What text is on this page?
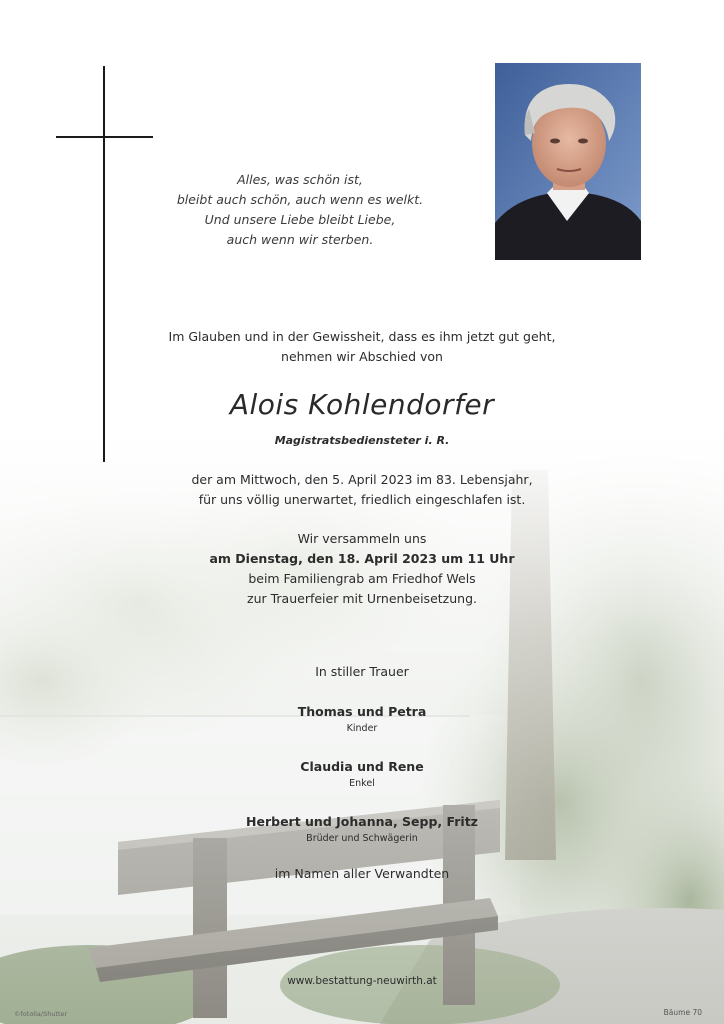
Alles, was schön ist,
bleibt auch schön, auch wenn es welkt.
Und unsere Liebe bleibt Liebe,
auch wenn wir sterben.
Im Glauben und in der Gewissheit, dass es ihm jetzt gut geht,
nehmen wir Abschied von
Alois Kohlendorfer
Magistratsbediensteter i. R.
der am Mittwoch, den 5. April 2023 im 83. Lebensjahr,
für uns völlig unerwartet, friedlich eingeschlafen ist.
Wir versammeln uns
am Dienstag, den 18. April 2023 um 11 Uhr
beim Familiengrab am Friedhof Wels
zur Trauerfeier mit Urnenbeisetzung.
In stiller Trauer
Thomas und Petra
Kinder
Claudia und Rene
Enkel
Herbert und Johanna, Sepp, Fritz
Brüder und Schwägerin
im Namen aller Verwandten
www.bestattung-neuwirth.at
©fotolia/Shutter	Bäume 70
